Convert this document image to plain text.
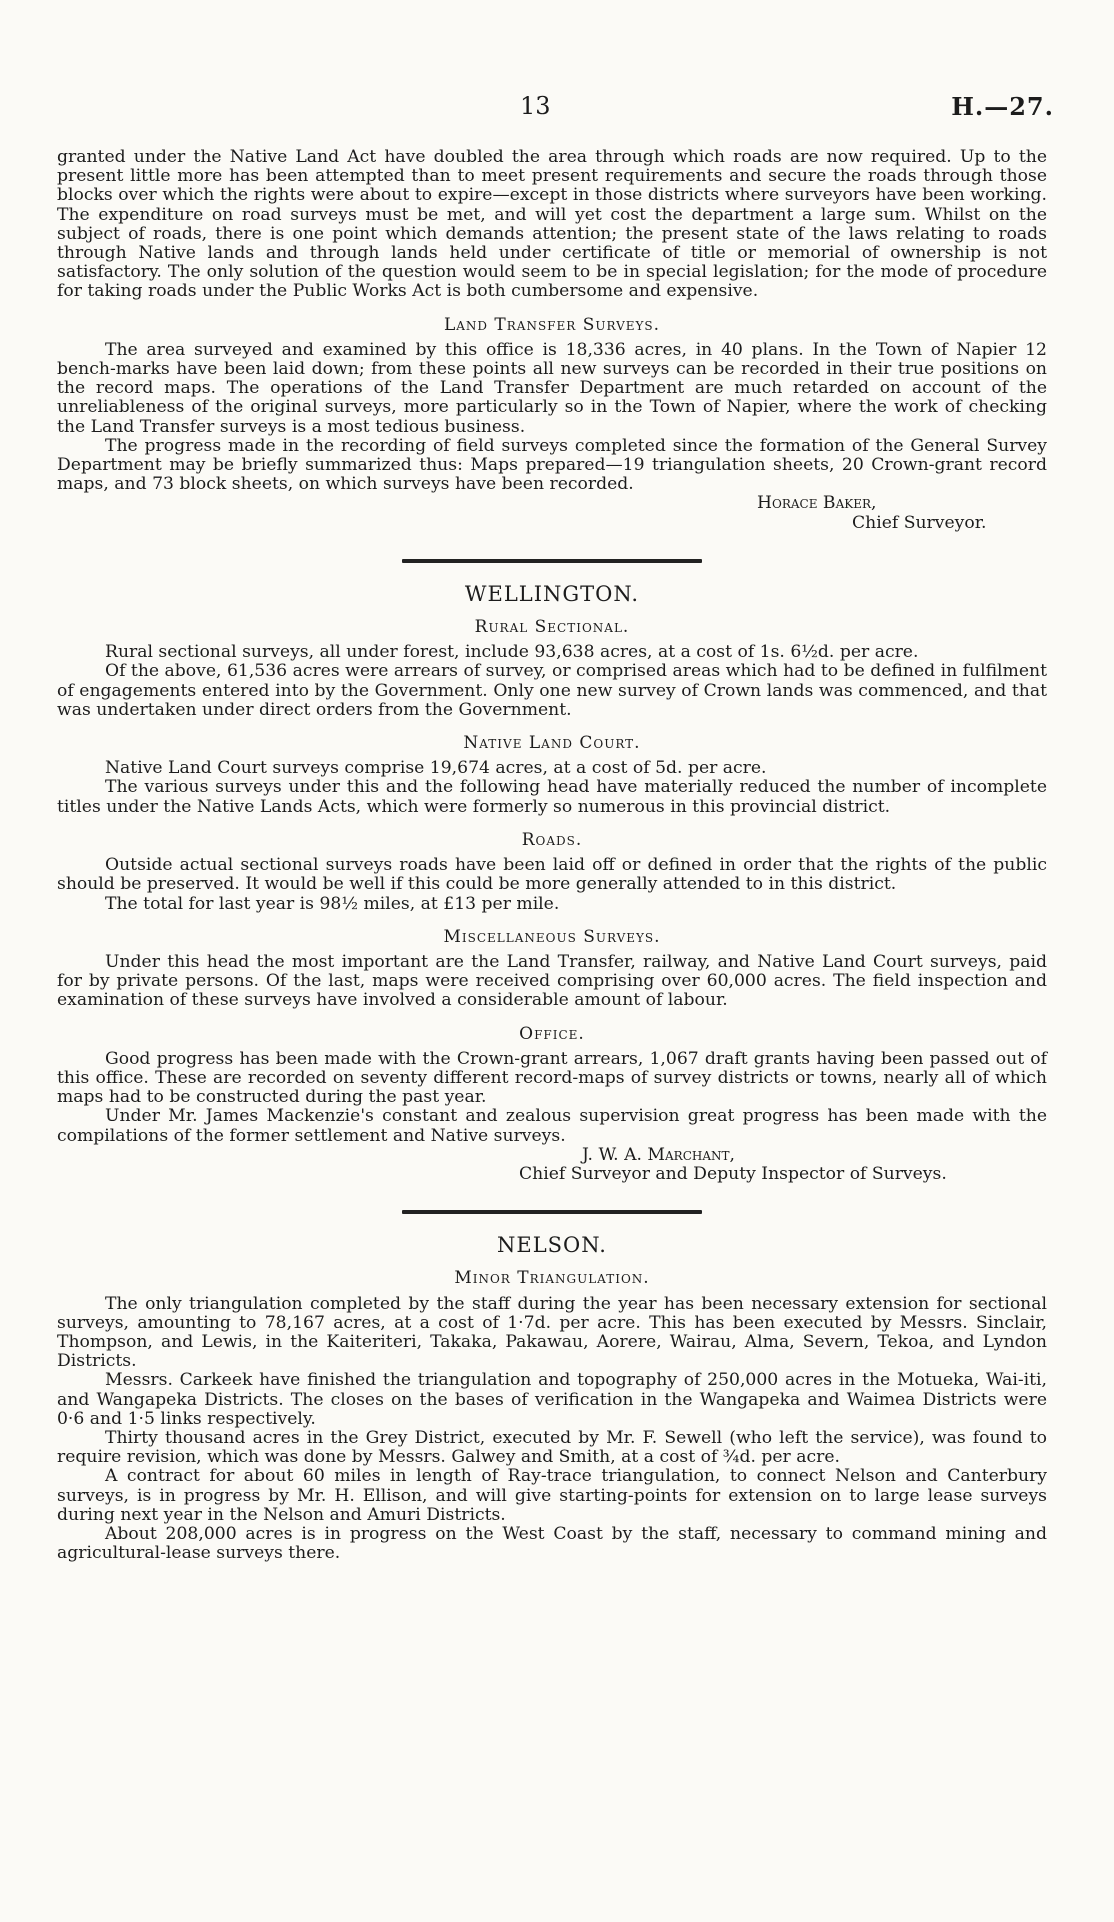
13	H.—27.

granted under the Native Land Act have doubled the area through which roads are now required. Up to the present little more has been attempted than to meet present requirements and secure the roads through those blocks over which the rights were about to expire—except in those districts where surveyors have been working. The expenditure on road surveys must be met, and will yet cost the department a large sum. Whilst on the subject of roads, there is one point which demands attention; the present state of the laws relating to roads through Native lands and through lands held under certificate of title or memorial of ownership is not satisfactory. The only solution of the question would seem to be in special legislation; for the mode of procedure for taking roads under the Public Works Act is both cumbersome and expensive.

Land Transfer Surveys.

The area surveyed and examined by this office is 18,336 acres, in 40 plans. In the Town of Napier 12 bench-marks have been laid down; from these points all new surveys can be recorded in their true positions on the record maps. The operations of the Land Transfer Department are much retarded on account of the unreliableness of the original surveys, more particularly so in the Town of Napier, where the work of checking the Land Transfer surveys is a most tedious business.

The progress made in the recording of field surveys completed since the formation of the General Survey Department may be briefly summarized thus: Maps prepared—19 triangulation sheets, 20 Crown-grant record maps, and 73 block sheets, on which surveys have been recorded.

Horace Baker,
Chief Surveyor.
WELLINGTON.
Rural Sectional.

Rural sectional surveys, all under forest, include 93,638 acres, at a cost of 1s. 6½d. per acre.

Of the above, 61,536 acres were arrears of survey, or comprised areas which had to be defined in fulfilment of engagements entered into by the Government. Only one new survey of Crown lands was commenced, and that was undertaken under direct orders from the Government.

Native Land Court.

Native Land Court surveys comprise 19,674 acres, at a cost of 5d. per acre.

The various surveys under this and the following head have materially reduced the number of incomplete titles under the Native Lands Acts, which were formerly so numerous in this provincial district.

Roads.

Outside actual sectional surveys roads have been laid off or defined in order that the rights of the public should be preserved. It would be well if this could be more generally attended to in this district.

The total for last year is 98½ miles, at £13 per mile.

Miscellaneous Surveys.

Under this head the most important are the Land Transfer, railway, and Native Land Court surveys, paid for by private persons. Of the last, maps were received comprising over 60,000 acres. The field inspection and examination of these surveys have involved a considerable amount of labour.

Office.

Good progress has been made with the Crown-grant arrears, 1,067 draft grants having been passed out of this office. These are recorded on seventy different record-maps of survey districts or towns, nearly all of which maps had to be constructed during the past year.

Under Mr. James Mackenzie's constant and zealous supervision great progress has been made with the compilations of the former settlement and Native surveys.

J. W. A. Marchant,
Chief Surveyor and Deputy Inspector of Surveys.
NELSON.
Minor Triangulation.

The only triangulation completed by the staff during the year has been necessary extension for sectional surveys, amounting to 78,167 acres, at a cost of 1·7d. per acre. This has been executed by Messrs. Sinclair, Thompson, and Lewis, in the Kaiteriteri, Takaka, Pakawau, Aorere, Wairau, Alma, Severn, Tekoa, and Lyndon Districts.

Messrs. Carkeek have finished the triangulation and topography of 250,000 acres in the Motueka, Wai-iti, and Wangapeka Districts. The closes on the bases of verification in the Wangapeka and Waimea Districts were 0·6 and 1·5 links respectively.

Thirty thousand acres in the Grey District, executed by Mr. F. Sewell (who left the service), was found to require revision, which was done by Messrs. Galwey and Smith, at a cost of ¾d. per acre.

A contract for about 60 miles in length of Ray-trace triangulation, to connect Nelson and Canterbury surveys, is in progress by Mr. H. Ellison, and will give starting-points for extension on to large lease surveys during next year in the Nelson and Amuri Districts.

About 208,000 acres is in progress on the West Coast by the staff, necessary to command mining and agricultural-lease surveys there.
